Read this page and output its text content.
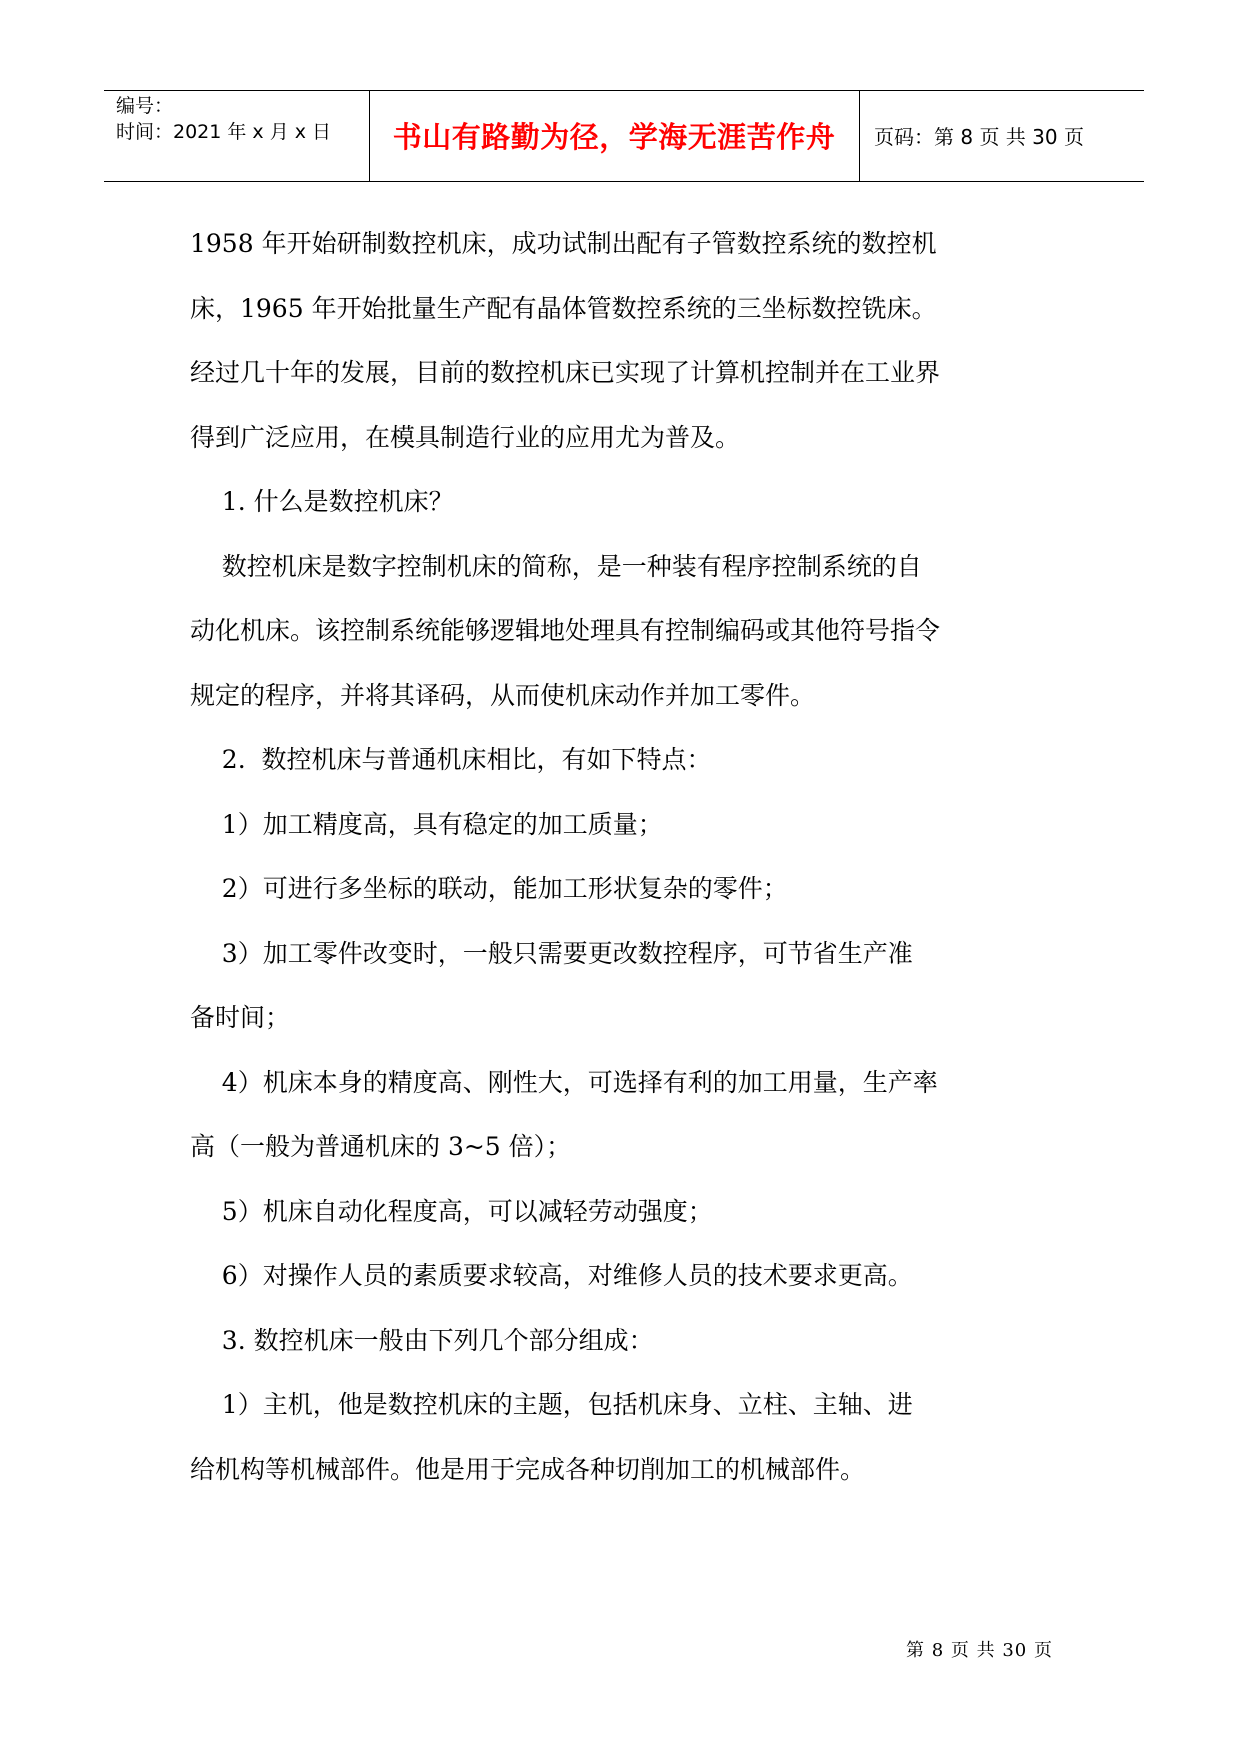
编号：
时间：2021 年 x 月 x 日	书山有路勤为径，学海无涯苦作舟	页码：第 8 页 共 30 页

1958 年开始研制数控机床，成功试制出配有子管数控系统的数控机

床，1965 年开始批量生产配有晶体管数控系统的三坐标数控铣床。

经过几十年的发展，目前的数控机床已实现了计算机控制并在工业界

得到广泛应用，在模具制造行业的应用尤为普及。

1. 什么是数控机床？

数控机床是数字控制机床的简称，是一种装有程序控制系统的自

动化机床。该控制系统能够逻辑地处理具有控制编码或其他符号指令

规定的程序，并将其译码，从而使机床动作并加工零件。

2.  数控机床与普通机床相比，有如下特点：

1）加工精度高，具有稳定的加工质量；

2）可进行多坐标的联动，能加工形状复杂的零件；

3）加工零件改变时，一般只需要更改数控程序，可节省生产准

备时间；

4）机床本身的精度高、刚性大，可选择有利的加工用量，生产率

高（一般为普通机床的 3~5 倍）；

5）机床自动化程度高，可以减轻劳动强度；

6）对操作人员的素质要求较高，对维修人员的技术要求更高。

3. 数控机床一般由下列几个部分组成：

1）主机，他是数控机床的主题，包括机床身、立柱、主轴、进

给机构等机械部件。他是用于完成各种切削加工的机械部件。

第 8 页 共 30 页
